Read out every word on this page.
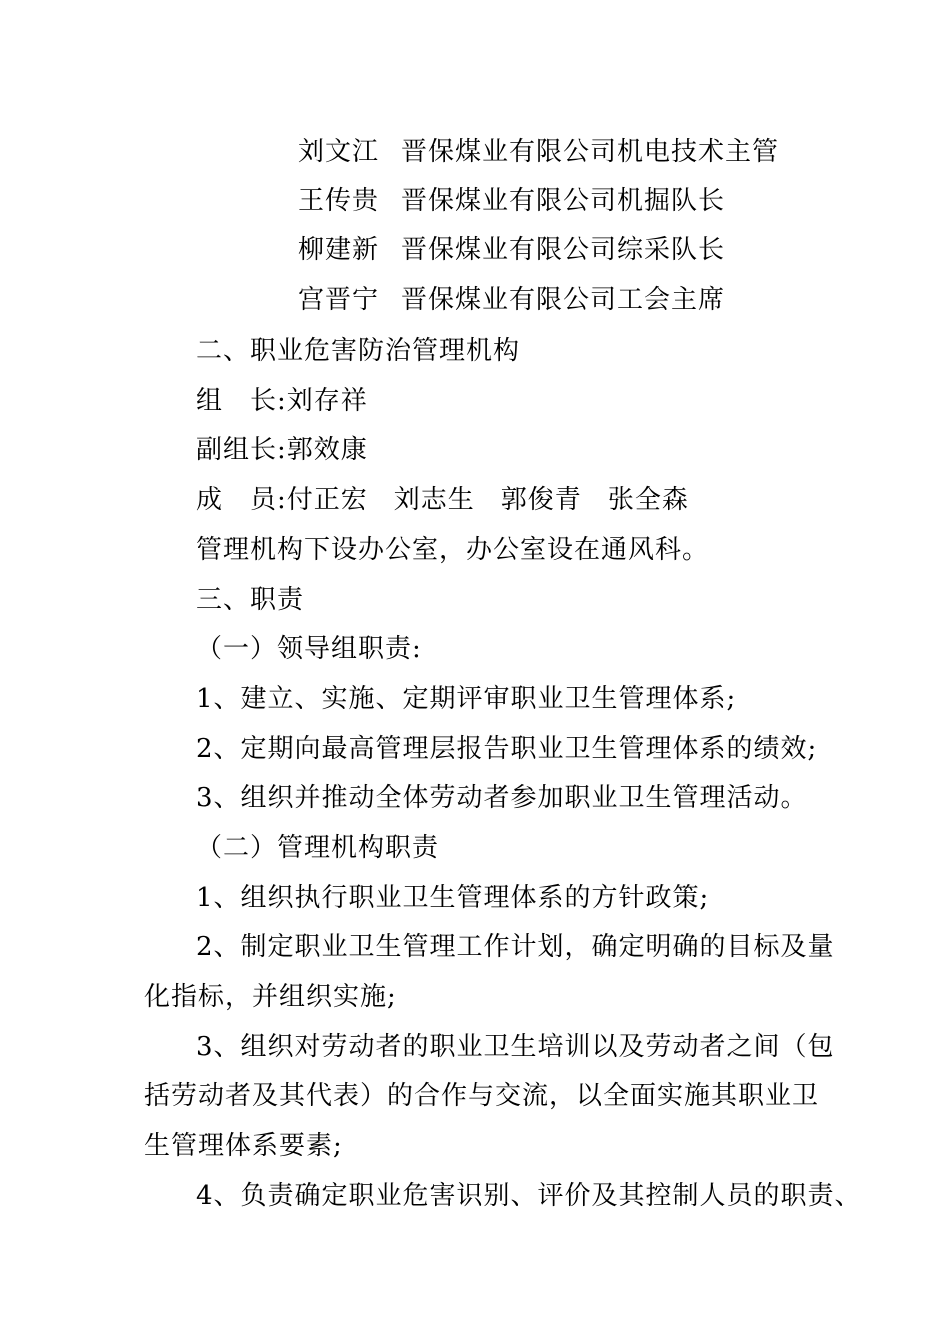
刘文江 晋保煤业有限公司机电技术主管
王传贵 晋保煤业有限公司机掘队长
柳建新 晋保煤业有限公司综采队长
宫晋宁 晋保煤业有限公司工会主席
二、职业危害防治管理机构
组　长:刘存祥
副组长:郭效康
成　员:付正宏 刘志生 郭俊青 张全森
管理机构下设办公室，办公室设在通风科。
三、职责
（一）领导组职责:
1、建立、实施、定期评审职业卫生管理体系;
2、定期向最高管理层报告职业卫生管理体系的绩效;
3、组织并推动全体劳动者参加职业卫生管理活动。
（二）管理机构职责
1、组织执行职业卫生管理体系的方针政策;
2、制定职业卫生管理工作计划，确定明确的目标及量
化指标，并组织实施;
3、组织对劳动者的职业卫生培训以及劳动者之间（包
括劳动者及其代表）的合作与交流，以全面实施其职业卫
生管理体系要素;
4、负责确定职业危害识别、评价及其控制人员的职责、
